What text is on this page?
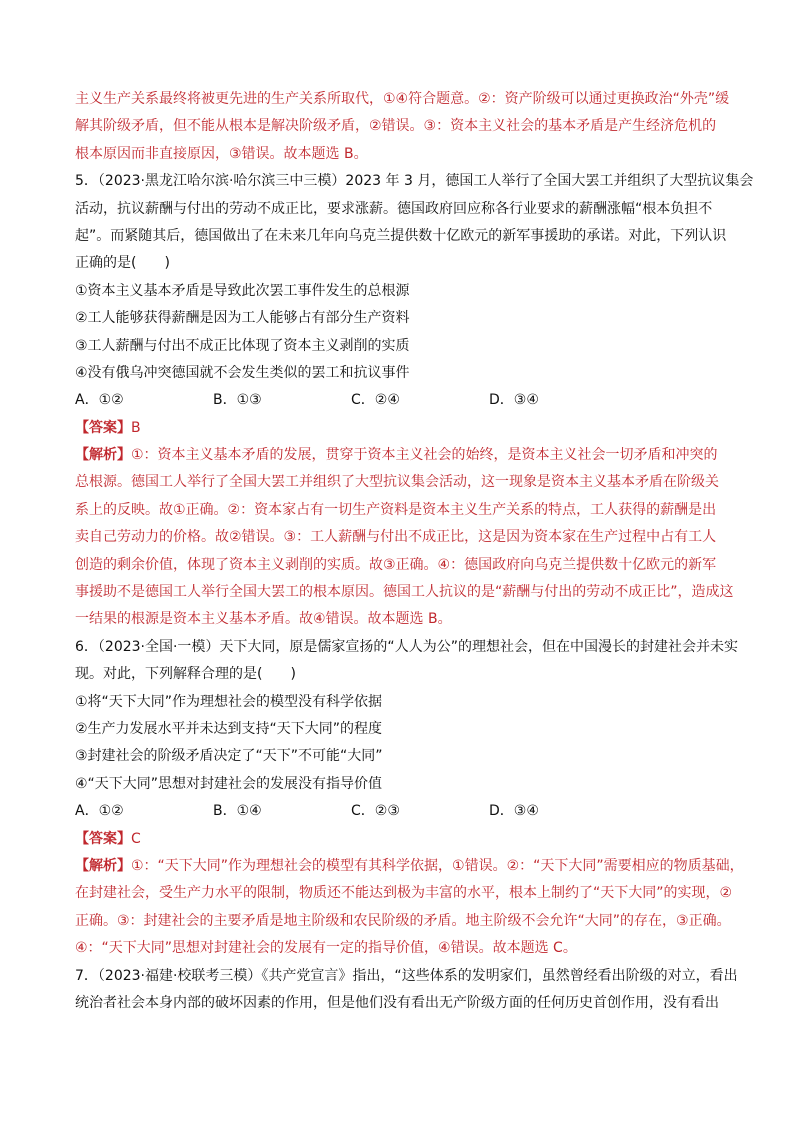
主义生产关系最终将被更先进的生产关系所取代，①④符合题意。②：资产阶级可以通过更换政治“外壳”缓
解其阶级矛盾，但不能从根本是解决阶级矛盾，②错误。③：资本主义社会的基本矛盾是产生经济危机的
根本原因而非直接原因，③错误。故本题选 B。
5．（2023·黑龙江哈尔滨·哈尔滨三中三模）2023 年 3 月，德国工人举行了全国大罢工并组织了大型抗议集会
活动，抗议薪酬与付出的劳动不成正比，要求涨薪。德国政府回应称各行业要求的薪酬涨幅“根本负担不
起”。而紧随其后，德国做出了在未来几年向乌克兰提供数十亿欧元的新军事援助的承诺。对此，下列认识
正确的是(　　)
①资本主义基本矛盾是导致此次罢工事件发生的总根源
②工人能够获得薪酬是因为工人能够占有部分生产资料
③工人薪酬与付出不成正比体现了资本主义剥削的实质
④没有俄乌冲突德国就不会发生类似的罢工和抗议事件
A．①②	B．①③	C．②④	D．③④
【答案】B
【解析】①：资本主义基本矛盾的发展，贯穿于资本主义社会的始终，是资本主义社会一切矛盾和冲突的
总根源。德国工人举行了全国大罢工并组织了大型抗议集会活动，这一现象是资本主义基本矛盾在阶级关
系上的反映。故①正确。②：资本家占有一切生产资料是资本主义生产关系的特点，工人获得的薪酬是出
卖自己劳动力的价格。故②错误。③：工人薪酬与付出不成正比，这是因为资本家在生产过程中占有工人
创造的剩余价值，体现了资本主义剥削的实质。故③正确。④：德国政府向乌克兰提供数十亿欧元的新军
事援助不是德国工人举行全国大罢工的根本原因。德国工人抗议的是“薪酬与付出的劳动不成正比”，造成这
一结果的根源是资本主义基本矛盾。故④错误。故本题选 B。
6．（2023·全国·一模）天下大同，原是儒家宣扬的“人人为公”的理想社会，但在中国漫长的封建社会并未实
现。对此，下列解释合理的是(　　)
①将“天下大同”作为理想社会的模型没有科学依据
②生产力发展水平并未达到支持“天下大同”的程度
③封建社会的阶级矛盾决定了“天下”不可能“大同”
④“天下大同”思想对封建社会的发展没有指导价值
A．①②	B．①④	C．②③	D．③④
【答案】C
【解析】①：“天下大同”作为理想社会的模型有其科学依据，①错误。②：“天下大同”需要相应的物质基础，
在封建社会，受生产力水平的限制，物质还不能达到极为丰富的水平，根本上制约了“天下大同”的实现，②
正确。③：封建社会的主要矛盾是地主阶级和农民阶级的矛盾。地主阶级不会允许“大同”的存在，③正确。
④：“天下大同”思想对封建社会的发展有一定的指导价值，④错误。故本题选 C。
7．（2023·福建·校联考三模）《共产党宣言》指出，“这些体系的发明家们，虽然曾经看出阶级的对立，看出
统治者社会本身内部的破坏因素的作用，但是他们没有看出无产阶级方面的任何历史首创作用，没有看出
